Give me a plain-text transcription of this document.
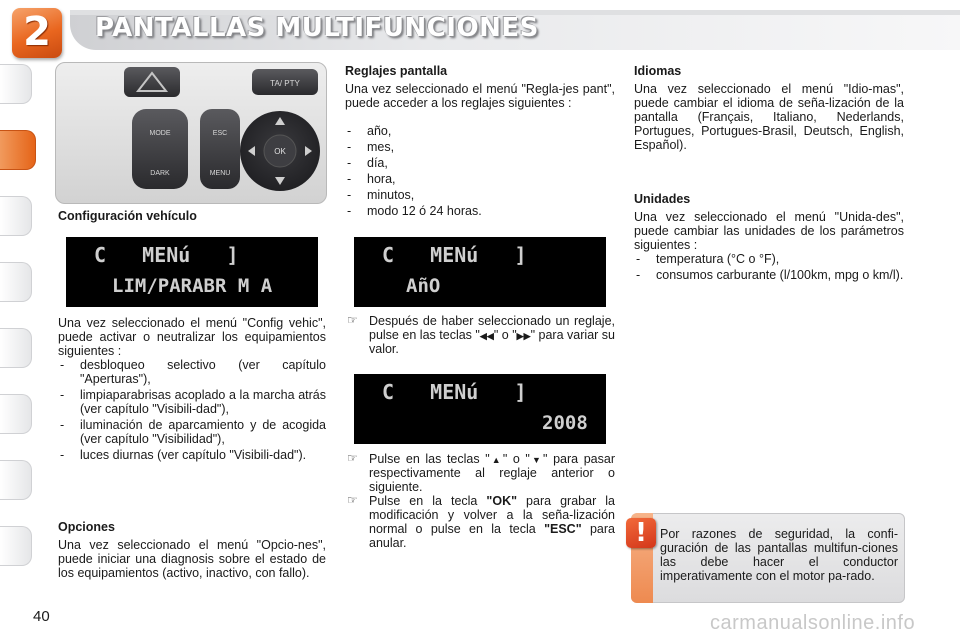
2	PANTALLAS MULTIFUNCIONES
TA/ PTY
MODE
DARK
ESC
MENU
OK
Configuración vehículo
C   MENú   ]
LIM/PARABR M A
Una vez seleccionado el menú "Config vehic", puede activar o neutralizar los equipamientos siguientes :
- desbloqueo selectivo (ver capítulo "Aperturas"),
- limpiaparabrisas acoplado a la marcha atrás (ver capítulo "Visibili-dad"),
- iluminación de aparcamiento y de acogida (ver capítulo "Visibilidad"),
- luces diurnas (ver capítulo "Visibili-dad").
Opciones
Una vez seleccionado el menú "Opcio-nes", puede iniciar una diagnosis sobre el estado de los equipamientos (activo, inactivo, con fallo).
Reglajes pantalla
Una vez seleccionado el menú "Regla-jes pant", puede acceder a los reglajes siguientes :
- año,
- mes,
- día,
- hora,
- minutos,
- modo 12 ó 24 horas.
C   MENú   ]
AñO
☞ Después de haber seleccionado un reglaje, pulse en las teclas "◀◀" o "▶▶" para variar su valor.
C   MENú   ]
2008
☞ Pulse en las teclas "▲" o "▼" para pasar respectivamente al reglaje anterior o siguiente.
☞ Pulse en la tecla "OK" para grabar la modificación y volver a la seña-lización normal o pulse en la tecla "ESC" para anular.
Idiomas
Una vez seleccionado el menú "Idio-mas", puede cambiar el idioma de seña-lización de la pantalla (Français, Italiano, Nederlands, Portugues, Portugues-Brasil, Deutsch, English, Español).
Unidades
Una vez seleccionado el menú "Unida-des", puede cambiar las unidades de los parámetros siguientes :
- temperatura (°C o °F),
- consumos carburante (l/100km, mpg o km/l).
!	Por razones de seguridad, la confi-guración de las pantallas multifun-ciones las debe hacer el conductor imperativamente con el motor pa-rado.
40	carmanualsonline.info
